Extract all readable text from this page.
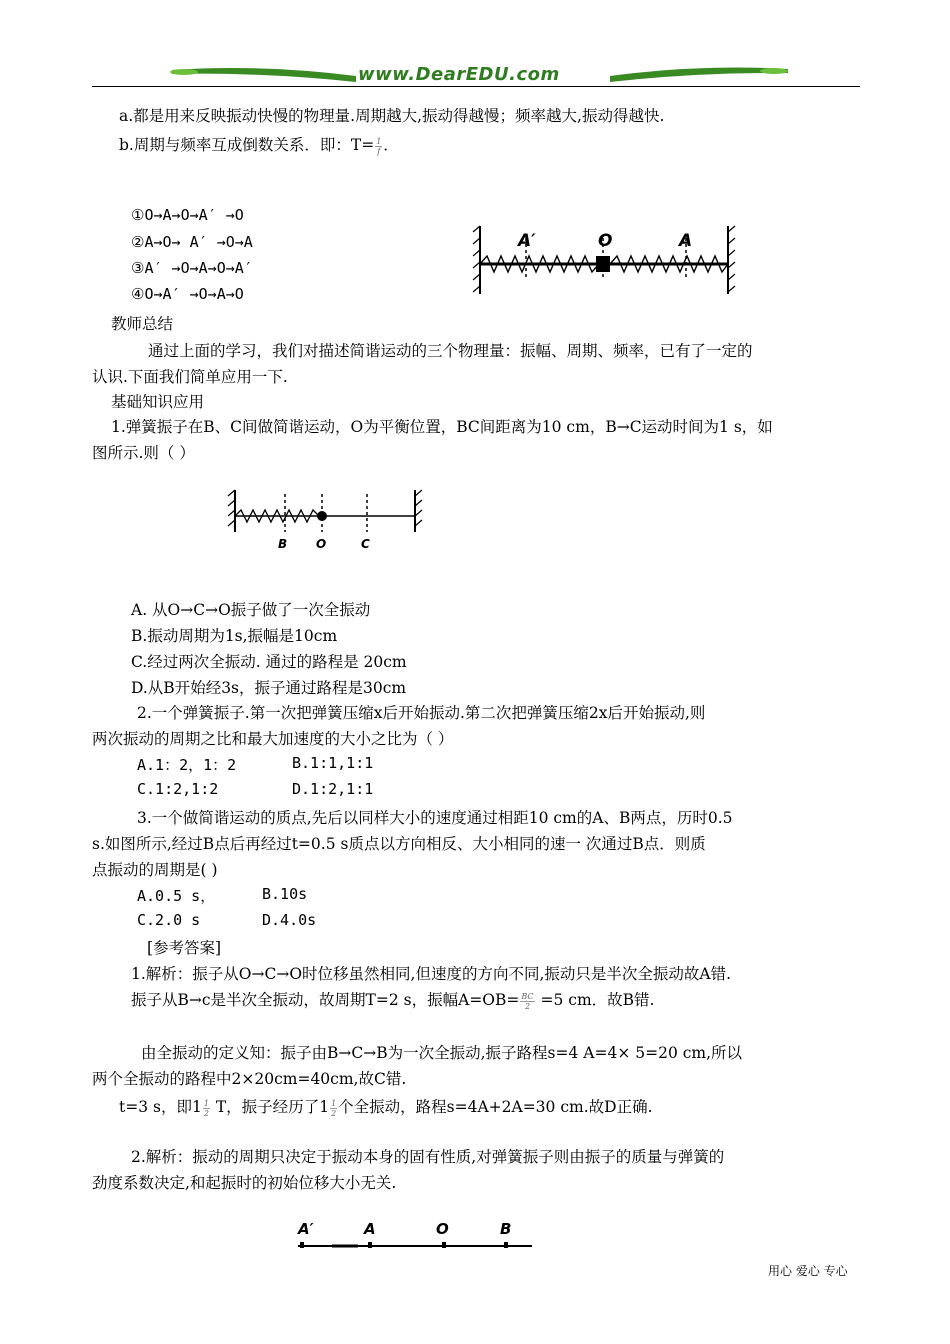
www.DearEDU.com
a.都是用来反映振动快慢的物理量.周期越大,振动得越慢；频率越大,振动得越快.
b.周期与频率互成倒数关系．即：$T= \frac{1}{f}$ ．
①O→A→O→A′ →O
②A→O→ A′ →O→A
③A′ →O→A→O→A′
④O→A′ →O→A→O
A′	O	A
教师总结
通过上面的学习，我们对描述简谐运动的三个物理量：振幅、周期、频率，已有了一定的
认识.下面我们简单应用一下.
基础知识应用
1.弹簧振子在B、C间做简谐运动，O为平衡位置，BC间距离为10 cm，B→C运动时间为1 s，如
图所示.则（ ）
B O	C
A. 从O→C→O振子做了一次全振动
B.振动周期为1s,振幅是10cm
C.经过两次全振动. 通过的路程是 20cm
D.从B开始经3s，振子通过路程是30cm
2.一个弹簧振子.第一次把弹簧压缩x后开始振动.第二次把弹簧压缩2x后开始振动,则
两次振动的周期之比和最大加速度的大小之比为（ ）
A.1：2，1：2	B.1:1,1:1
C.1:2,1:2	D.1:2,1:1
3.一个做简谐运动的质点,先后以同样大小的速度通过相距10 cm的A、B两点，历时0.5
s.如图所示,经过B点后再经过t=0.5 s质点以方向相反、大小相同的速一 次通过B点．则质
点振动的周期是( )
A.0.5 s，	B.10s
C.2.0 s	D.4.0s
[参考答案]
1.解析：振子从O→C→O时位移虽然相同,但速度的方向不同,振动只是半次全振动故A错.
振子从B→c是半次全振动，故周期T=2 s，振幅$A=OB= \frac{BC}{2} =5$ cm．故B错.
由全振动的定义知：振子由B→C→B为一次全振动,振子路程s=4 A=4× 5=20 cm,所以
两个全振动的路程中2×20cm=40cm,故C错.
t=3 s，即$1 \frac{1}{2}$ T，振子经历了$1 \frac{1}{2}$ 个全振动，路程s=4A+2A=30 cm.故D正确.
2.解析：振动的周期只决定于振动本身的固有性质,对弹簧振子则由振子的质量与弹簧的
劲度系数决定,和起振时的初始位移大小无关.
A′	A	O	B
用心 爱心 专心
